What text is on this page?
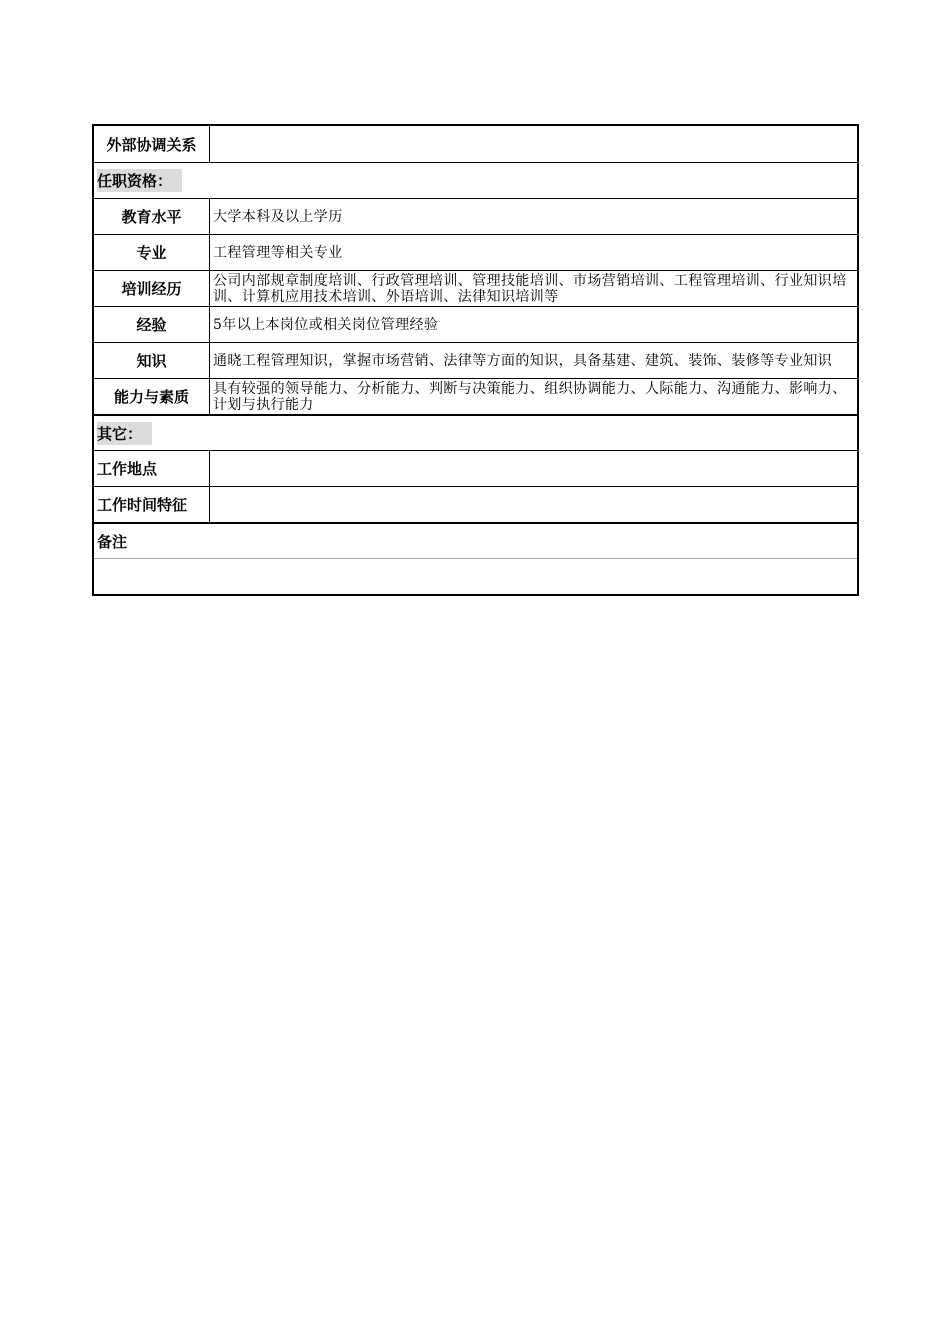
外部协调关系
任职资格：
教育水平	大学本科及以上学历
专业	工程管理等相关专业
培训经历	公司内部规章制度培训、行政管理培训、管理技能培训、市场营销培训、工程管理培训、行业知识培训、计算机应用技术培训、外语培训、法律知识培训等
经验	5年以上本岗位或相关岗位管理经验
知识	通晓工程管理知识，掌握市场营销、法律等方面的知识，具备基建、建筑、装饰、装修等专业知识
能力与素质	具有较强的领导能力、分析能力、判断与决策能力、组织协调能力、人际能力、沟通能力、影响力、计划与执行能力
其它：
工作地点
工作时间特征
备注
